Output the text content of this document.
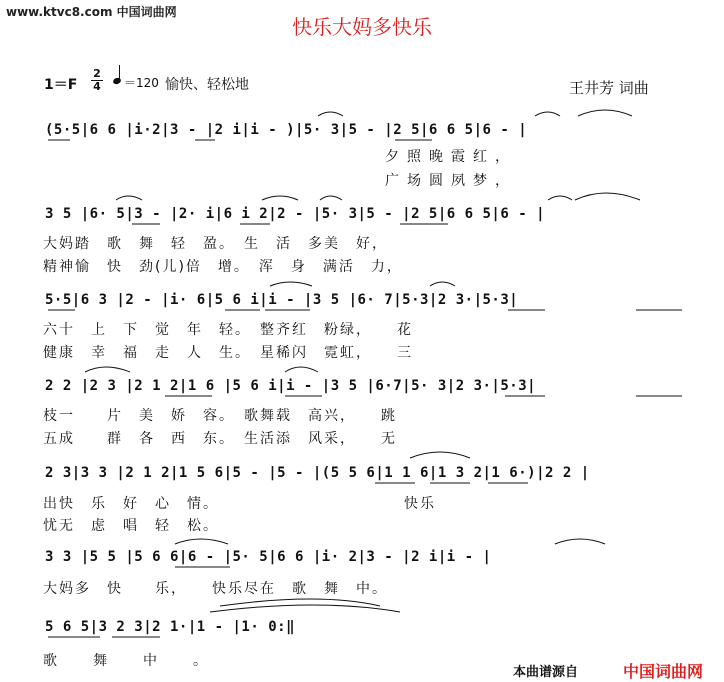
www.ktvc8.com 中国词曲网
快乐大妈多快乐
1＝F
2
4 ＝120 愉快、轻松地	王井芳 词曲
(5·5|6 6 |i·2|3 - |2 i|i - )|5· 3|5 - |2 5|6 6 5|6 - |
夕照晚霞红，
广场圆夙梦，
3 5 |6· 5|3 - |2· i|6 i 2|2 - |5· 3|5 - |2 5|6 6 5|6 - |
大妈踏　歌　舞　轻　盈。　生　活　多美　好，
精神愉　快　劲(儿)倍　增。　浑　身　满活　力，
5·5|6 3 |2 - |i· 6|5 6 i|i - |3 5 |6· 7|5·3|2 3·|5·3|
六十　上　下　觉　年　轻。　整齐红　粉绿，　　花
健康　幸　福　走　人　生。　星稀闪　霓虹，　　三
2 2 |2 3 |2 1 2|1 6 |5 6 i|i - |3 5 |6·7|5· 3|2 3·|5·3|
枝一　　片　美　娇　容。　歌舞载　高兴，　　跳
五成　　群　各　西　东。　生活添　风采，　　无
2 3|3 3 |2 1 2|1 5 6|5 - |5 - |(5 5 6|1 1 6|1 3 2|1 6·)|2 2 |
出快　乐　好　心　情。　　　　　　　　　　　　快乐
忧无　虑　唱　轻　松。
3 3 |5 5 |5 6 6|6 - |5· 5|6 6 |i· 2|3 - |2 i|i - |
大妈多　快　　乐，　　快乐尽在　歌　舞　中。
5 6 5|3 2 3|2 1·|1 - |1· 0:‖
歌舞中。
本曲谱源自	中国词曲网
